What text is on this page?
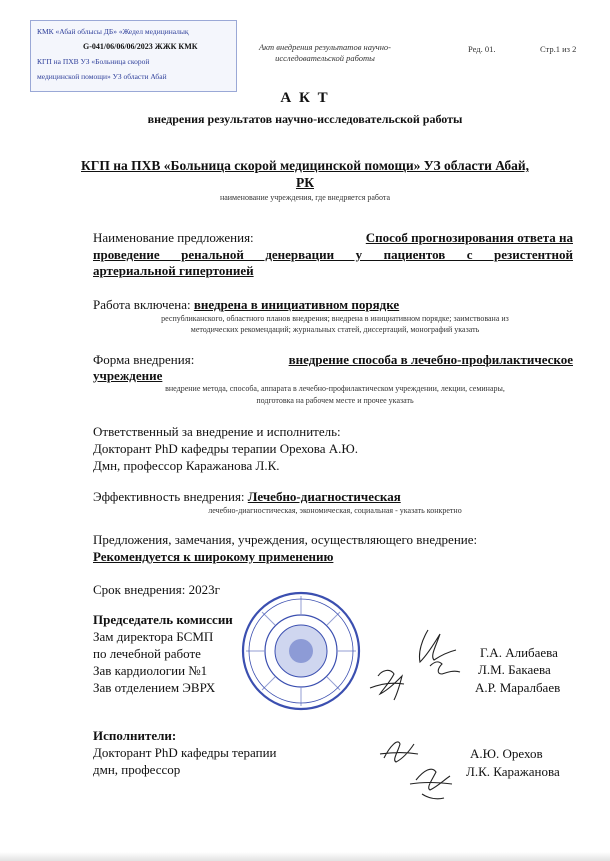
КМК «Абай облысы ДБ» «Жедел медициналық
G-041/06/06/06/2023 ЖЖК КМК
КГП на ПХВ УЗ «Больница скорой
медицинской помощи» УЗ области Абай
Акт внедрения результатов научно-исследовательской работы
Ред. 01.	Стр.1 из 2
А К Т
внедрения результатов научно-исследовательской работы
КГП на ПХВ «Больница скорой медицинской помощи» УЗ области Абай,
РК
наименование учреждения, где внедряется работа
Наименование предложения:	Способ прогнозирования ответа на
проведение ренальной денервации у пациентов с резистентной
артериальной гипертонией
Работа включена: внедрена в инициативном порядке
республиканского, областного планов внедрения; внедрена в инициативном порядке; заимствована из
методических рекомендаций; журнальных статей, диссертаций, монографий указать
Форма внедрения:	внедрение способа в лечебно-профилактическое
учреждение
внедрение метода, способа, аппарата в лечебно-профилактическом учреждении, лекции, семинары,
подготовка на рабочем месте и прочее указать
Ответственный за внедрение и исполнитель:
Докторант PhD кафедры терапии Орехова А.Ю.
Дмн, профессор Каражанова Л.К.
Эффективность внедрения: Лечебно-диагностическая
лечебно-диагностическая, экономическая, социальная - указать конкретно
Предложения, замечания, учреждения, осуществляющего внедрение:
Рекомендуется к широкому применению
Срок внедрения: 2023г
Председатель комиссии
Зам директора БСМП
по лечебной работе
Зав кардиологии №1
Зав отделением ЭВРХ
Г.А. Алибаева
Л.М. Бакаева
А.Р. Маралбаев
Исполнители:
Докторант PhD кафедры терапии
дмн, профессор
А.Ю. Орехов
Л.К. Каражанова
